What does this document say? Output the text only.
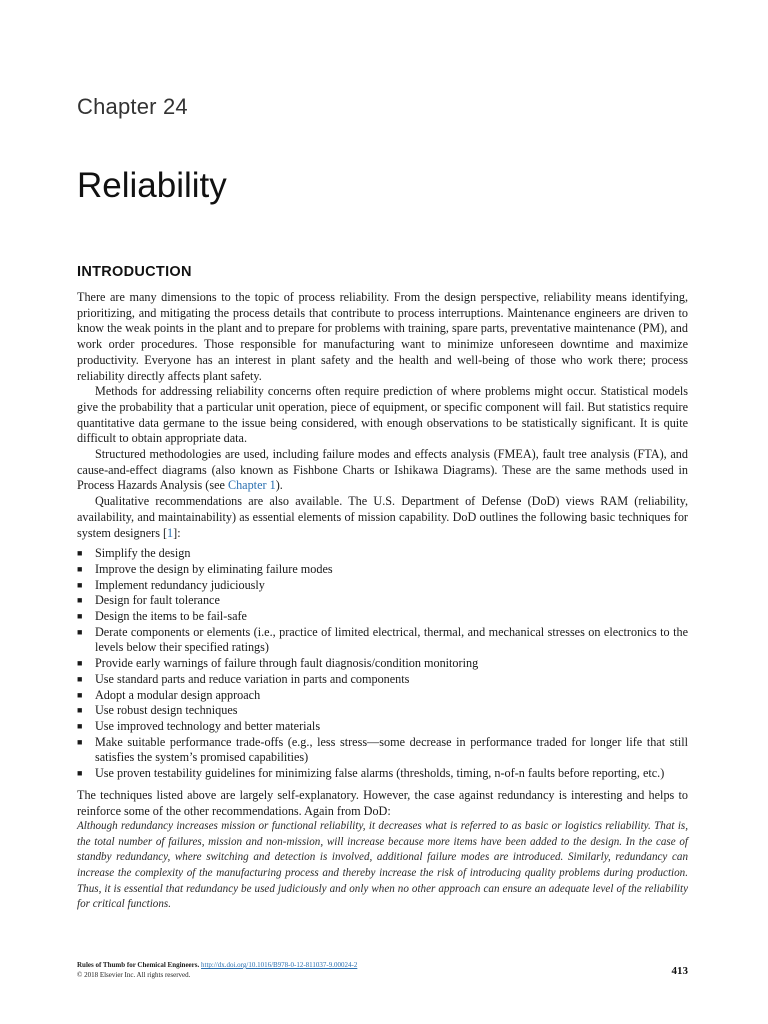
Chapter 24
Reliability
INTRODUCTION

There are many dimensions to the topic of process reliability. From the design perspective, reliability means identifying, prioritizing, and mitigating the process details that contribute to process interruptions. Maintenance engineers are driven to know the weak points in the plant and to prepare for problems with training, spare parts, preventative maintenance (PM), and work order procedures. Those responsible for manufacturing want to minimize unforeseen downtime and maximize productivity. Everyone has an interest in plant safety and the health and well-being of those who work there; process reliability directly affects plant safety.

Methods for addressing reliability concerns often require prediction of where problems might occur. Statistical models give the probability that a particular unit operation, piece of equipment, or specific component will fail. But statistics require quantitative data germane to the issue being considered, with enough observations to be statistically significant. It is quite difficult to obtain appropriate data.

Structured methodologies are used, including failure modes and effects analysis (FMEA), fault tree analysis (FTA), and cause-and-effect diagrams (also known as Fishbone Charts or Ishikawa Diagrams). These are the same methods used in Process Hazards Analysis (see Chapter 1).

Qualitative recommendations are also available. The U.S. Department of Defense (DoD) views RAM (reliability, availability, and maintainability) as essential elements of mission capability. DoD outlines the following basic techniques for system designers [1]:

■ Simplify the design
■ Improve the design by eliminating failure modes
■ Implement redundancy judiciously
■ Design for fault tolerance
■ Design the items to be fail-safe
■ Derate components or elements (i.e., practice of limited electrical, thermal, and mechanical stresses on electronics to the levels below their specified ratings)
■ Provide early warnings of failure through fault diagnosis/condition monitoring
■ Use standard parts and reduce variation in parts and components
■ Adopt a modular design approach
■ Use robust design techniques
■ Use improved technology and better materials
■ Make suitable performance trade-offs (e.g., less stress—some decrease in performance traded for longer life that still satisfies the system’s promised capabilities)
■ Use proven testability guidelines for minimizing false alarms (thresholds, timing, n-of-n faults before reporting, etc.)

The techniques listed above are largely self-explanatory. However, the case against redundancy is interesting and helps to reinforce some of the other recommendations. Again from DoD:

Although redundancy increases mission or functional reliability, it decreases what is referred to as basic or logistics reliability. That is, the total number of failures, mission and non-mission, will increase because more items have been added to the design. In the case of standby redundancy, where switching and detection is involved, additional failure modes are introduced. Similarly, redundancy can increase the complexity of the manufacturing process and thereby increase the risk of introducing quality problems during production. Thus, it is essential that redundancy be used judiciously and only when no other approach can ensure an adequate level of the reliability for critical functions.

Rules of Thumb for Chemical Engineers. http://dx.doi.org/10.1016/B978-0-12-811037-9.00024-2
© 2018 Elsevier Inc. All rights reserved.	413
